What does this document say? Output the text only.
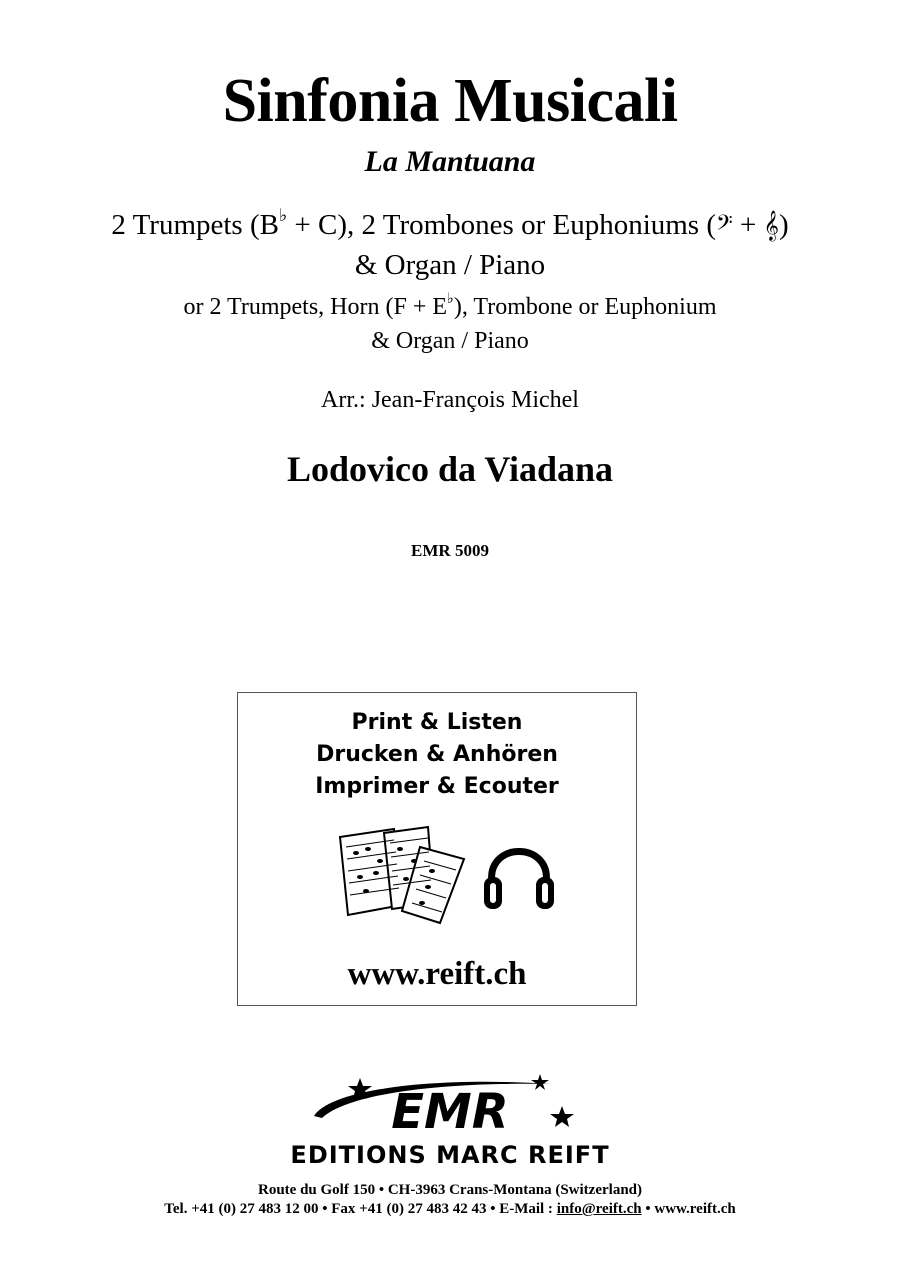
Sinfonia Musicali
La Mantuana
2 Trumpets (B♭ + C), 2 Trombones or Euphoniums (𝄢 + 𝄞)
& Organ / Piano
or 2 Trumpets, Horn (F + E♭), Trombone or Euphonium
& Organ / Piano
Arr.: Jean-François Michel
Lodovico da Viadana
EMR 5009
Print & Listen
Drucken & Anhören
Imprimer & Ecouter
www.reift.ch
EMR
EDITIONS MARC REIFT
Route du Golf 150 • CH-3963 Crans-Montana (Switzerland)
Tel. +41 (0) 27 483 12 00 • Fax +41 (0) 27 483 42 43 • E-Mail : info@reift.ch • www.reift.ch
